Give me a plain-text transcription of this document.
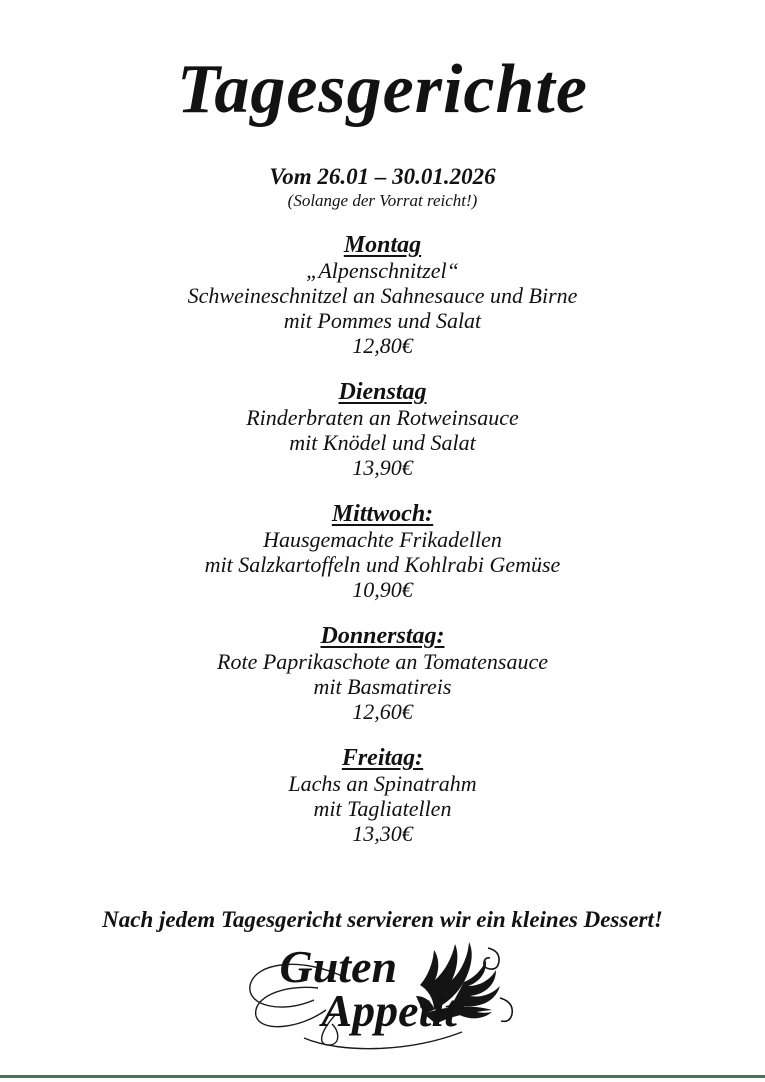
Tagesgerichte
Vom 26.01 – 30.01.2026
(Solange der Vorrat reicht!)
Montag
„Alpenschnitzel“
Schweineschnitzel an Sahnesauce und Birne
mit Pommes und Salat
12,80€
Dienstag
Rinderbraten an Rotweinsauce
mit Knödel und Salat
13,90€
Mittwoch:
Hausgemachte Frikadellen
mit Salzkartoffeln und Kohlrabi Gemüse
10,90€
Donnerstag:
Rote Paprikaschote an Tomatensauce
mit Basmatireis
12,60€
Freitag:
Lachs an Spinatrahm
mit Tagliatellen
13,30€
Nach jedem Tagesgericht servieren wir ein kleines Dessert!
Guten
Appetit
